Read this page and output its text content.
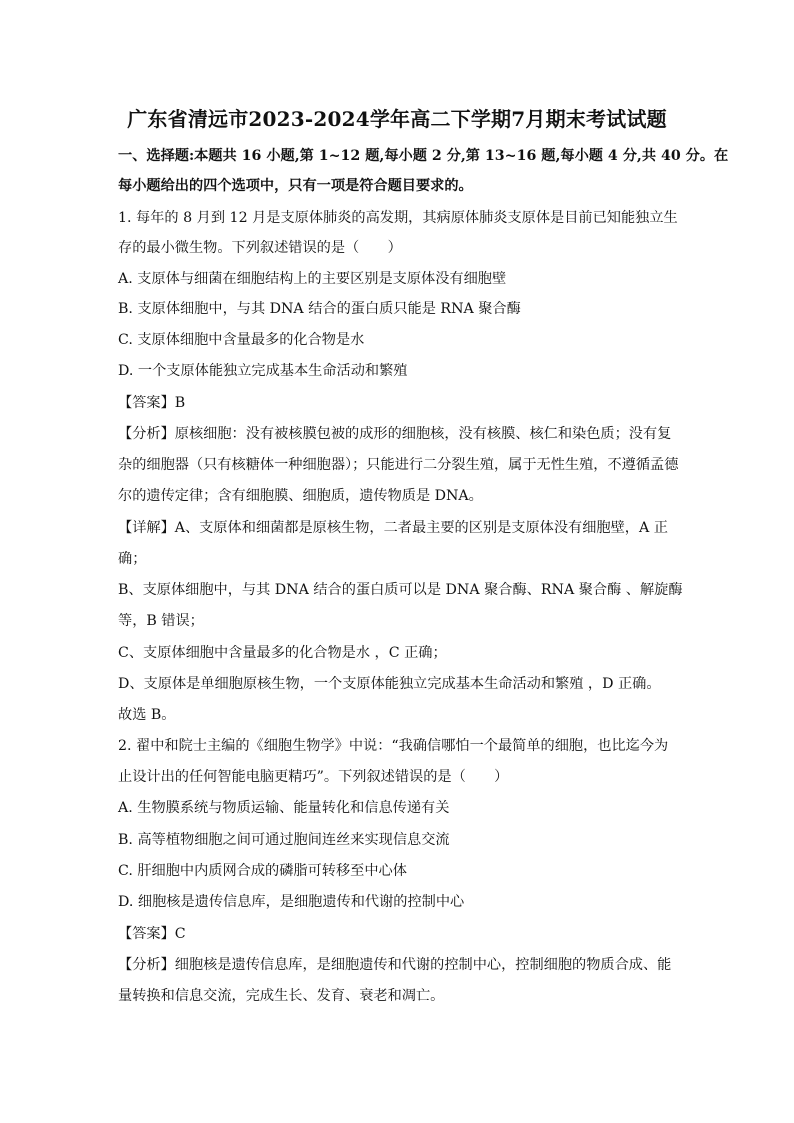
广东省清远市2023-2024学年高二下学期7月期末考试试题
一、选择题:本题共 16 小题,第 1~12 题,每小题 2 分,第 13~16 题,每小题 4 分,共 40 分。在
每小题给出的四个选项中，只有一项是符合题目要求的。
1. 每年的 8 月到 12 月是支原体肺炎的高发期，其病原体肺炎支原体是目前已知能独立生
存的最小微生物。下列叙述错误的是（　　）
A. 支原体与细菌在细胞结构上的主要区别是支原体没有细胞壁
B. 支原体细胞中，与其 DNA 结合的蛋白质只能是 RNA 聚合酶
C. 支原体细胞中含量最多的化合物是水
D. 一个支原体能独立完成基本生命活动和繁殖
【答案】B
【分析】原核细胞：没有被核膜包被的成形的细胞核，没有核膜、核仁和染色质；没有复
杂的细胞器（只有核糖体一种细胞器）；只能进行二分裂生殖，属于无性生殖，不遵循孟德
尔的遗传定律；含有细胞膜、细胞质，遗传物质是 DNA。
【详解】A、支原体和细菌都是原核生物，二者最主要的区别是支原体没有细胞壁，A 正
确；
B、支原体细胞中，与其 DNA 结合的蛋白质可以是 DNA 聚合酶、RNA 聚合酶 、解旋酶
等，B 错误；
C、支原体细胞中含量最多的化合物是水 ，C 正确；
D、支原体是单细胞原核生物，一个支原体能独立完成基本生命活动和繁殖 ，D 正确。
故选 B。
2. 翟中和院士主编的《细胞生物学》中说：“我确信哪怕一个最简单的细胞，也比迄今为
止设计出的任何智能电脑更精巧”。下列叙述错误的是（　　）
A. 生物膜系统与物质运输、能量转化和信息传递有关
B. 高等植物细胞之间可通过胞间连丝来实现信息交流
C. 肝细胞中内质网合成的磷脂可转移至中心体
D. 细胞核是遗传信息库，是细胞遗传和代谢的控制中心
【答案】C
【分析】细胞核是遗传信息库，是细胞遗传和代谢的控制中心，控制细胞的物质合成、能
量转换和信息交流，完成生长、发育、衰老和凋亡。
